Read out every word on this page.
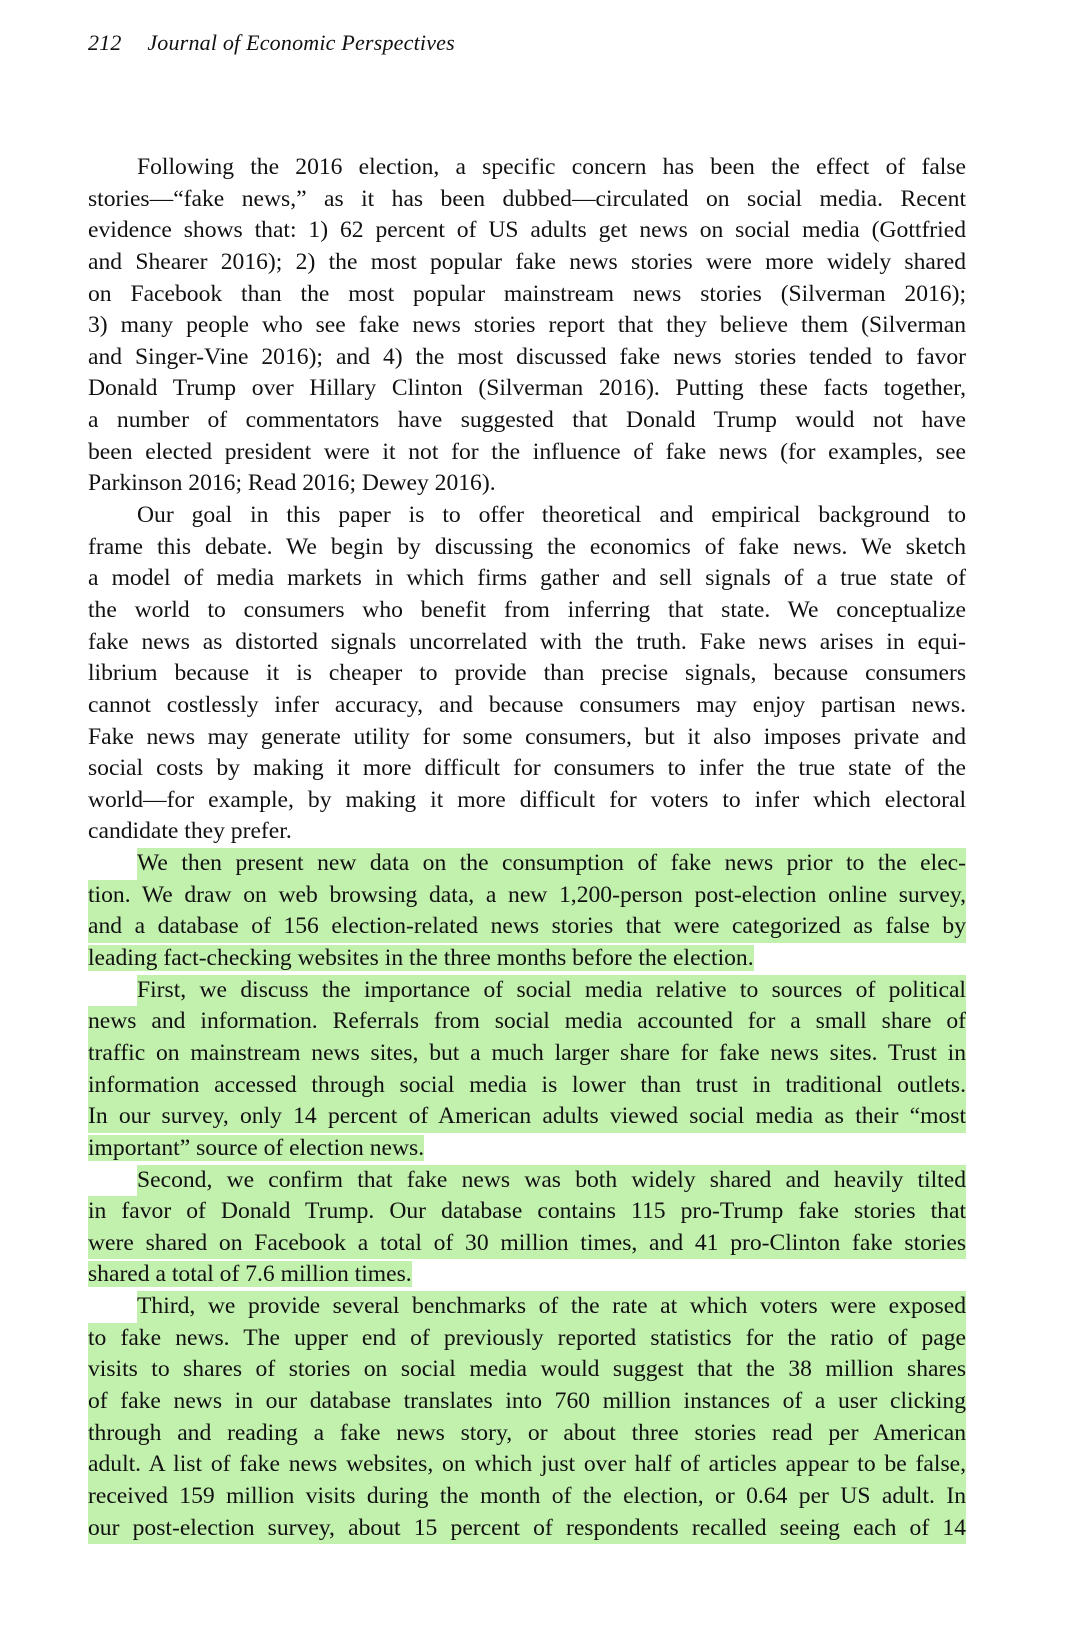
212 Journal of Economic Perspectives
Following the 2016 election, a specific concern has been the effect of false
stories—“fake news,” as it has been dubbed—circulated on social media. Recent
evidence shows that: 1) 62 percent of US adults get news on social media (Gottfried
and Shearer 2016); 2) the most popular fake news stories were more widely shared
on Facebook than the most popular mainstream news stories (Silverman 2016);
3) many people who see fake news stories report that they believe them (Silverman
and Singer-Vine 2016); and 4) the most discussed fake news stories tended to favor
Donald Trump over Hillary Clinton (Silverman 2016). Putting these facts together,
a number of commentators have suggested that Donald Trump would not have
been elected president were it not for the influence of fake news (for examples, see
Parkinson 2016; Read 2016; Dewey 2016).
Our goal in this paper is to offer theoretical and empirical background to
frame this debate. We begin by discussing the economics of fake news. We sketch
a model of media markets in which firms gather and sell signals of a true state of
the world to consumers who benefit from inferring that state. We conceptualize
fake news as distorted signals uncorrelated with the truth. Fake news arises in equi-
librium because it is cheaper to provide than precise signals, because consumers
cannot costlessly infer accuracy, and because consumers may enjoy partisan news.
Fake news may generate utility for some consumers, but it also imposes private and
social costs by making it more difficult for consumers to infer the true state of the
world—for example, by making it more difficult for voters to infer which electoral
candidate they prefer.
We then present new data on the consumption of fake news prior to the elec-
tion. We draw on web browsing data, a new 1,200-person post-election online survey,
and a database of 156 election-related news stories that were categorized as false by
leading fact-checking websites in the three months before the election.
First, we discuss the importance of social media relative to sources of political
news and information. Referrals from social media accounted for a small share of
traffic on mainstream news sites, but a much larger share for fake news sites. Trust in
information accessed through social media is lower than trust in traditional outlets.
In our survey, only 14 percent of American adults viewed social media as their “most
important” source of election news.
Second, we confirm that fake news was both widely shared and heavily tilted
in favor of Donald Trump. Our database contains 115 pro-Trump fake stories that
were shared on Facebook a total of 30 million times, and 41 pro-Clinton fake stories
shared a total of 7.6 million times.
Third, we provide several benchmarks of the rate at which voters were exposed
to fake news. The upper end of previously reported statistics for the ratio of page
visits to shares of stories on social media would suggest that the 38 million shares
of fake news in our database translates into 760 million instances of a user clicking
through and reading a fake news story, or about three stories read per American
adult. A list of fake news websites, on which just over half of articles appear to be false,
received 159 million visits during the month of the election, or 0.64 per US adult. In
our post-election survey, about 15 percent of respondents recalled seeing each of 14
